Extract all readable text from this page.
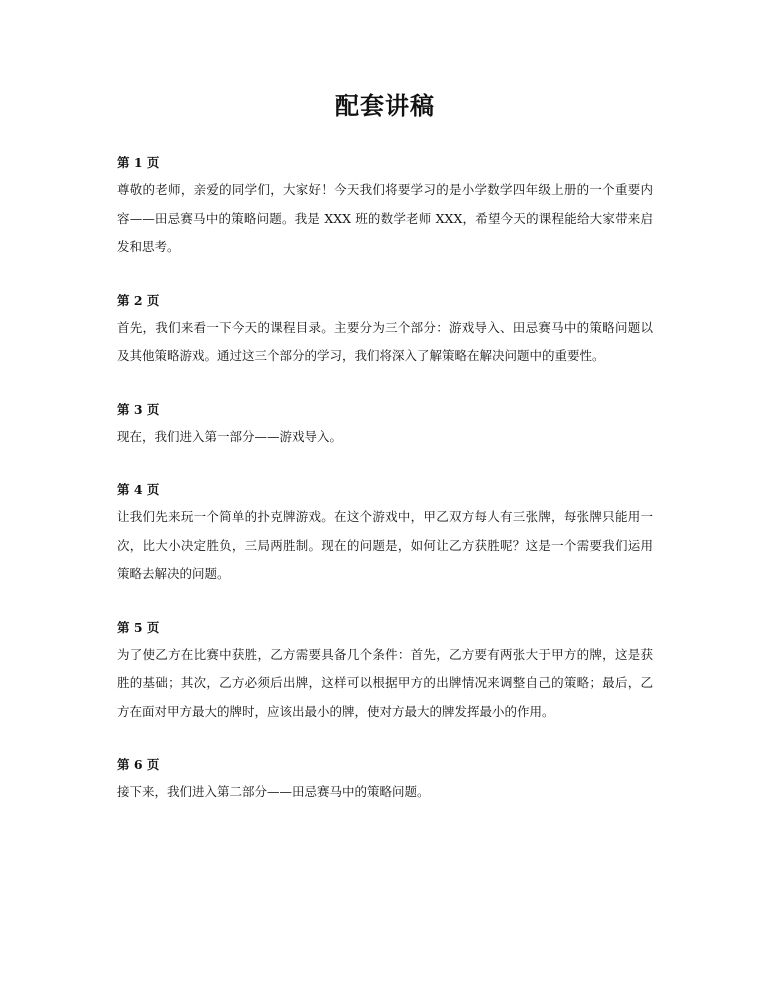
配套讲稿
第 1 页

尊敬的老师，亲爱的同学们，大家好！今天我们将要学习的是小学数学四年级上册的一个重要内容——田忌赛马中的策略问题。我是 XXX 班的数学老师 XXX，希望今天的课程能给大家带来启发和思考。

第 2 页

首先，我们来看一下今天的课程目录。主要分为三个部分：游戏导入、田忌赛马中的策略问题以及其他策略游戏。通过这三个部分的学习，我们将深入了解策略在解决问题中的重要性。

第 3 页

现在，我们进入第一部分——游戏导入。

第 4 页

让我们先来玩一个简单的扑克牌游戏。在这个游戏中，甲乙双方每人有三张牌，每张牌只能用一次，比大小决定胜负，三局两胜制。现在的问题是，如何让乙方获胜呢？这是一个需要我们运用策略去解决的问题。

第 5 页

为了使乙方在比赛中获胜，乙方需要具备几个条件：首先，乙方要有两张大于甲方的牌，这是获胜的基础；其次，乙方必须后出牌，这样可以根据甲方的出牌情况来调整自己的策略；最后，乙方在面对甲方最大的牌时，应该出最小的牌，使对方最大的牌发挥最小的作用。

第 6 页

接下来，我们进入第二部分——田忌赛马中的策略问题。
